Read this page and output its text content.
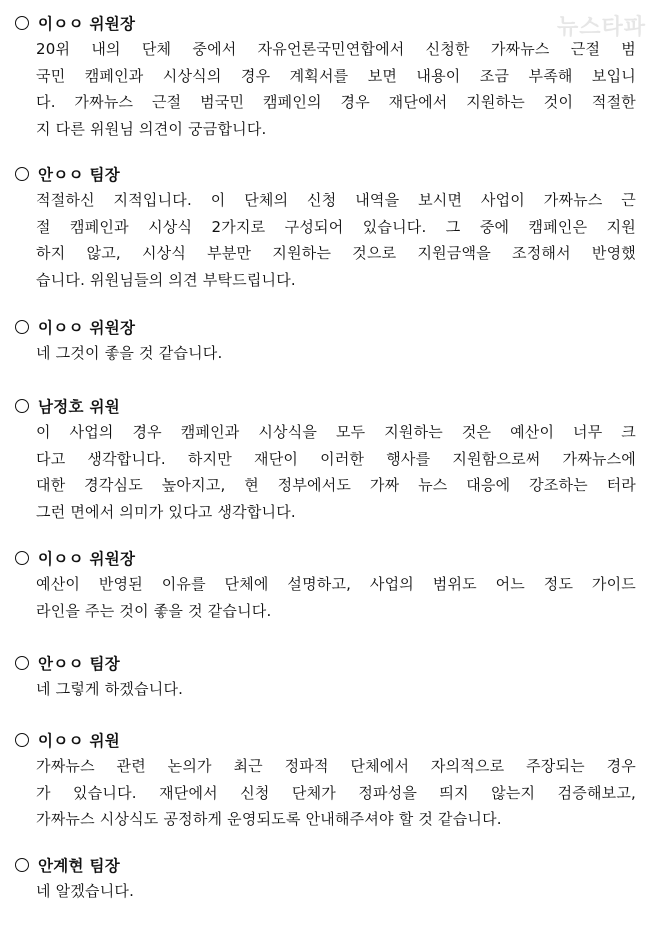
뉴스타파
이ㅇㅇ 위원장
20위 내의 단체 중에서 자유언론국민연합에서 신청한 가짜뉴스 근절 범
국민 캠페인과 시상식의 경우 계획서를 보면 내용이 조금 부족해 보입니
다. 가짜뉴스 근절 범국민 캠페인의 경우 재단에서 지원하는 것이 적절한
지 다른 위원님 의견이 궁금합니다.
안ㅇㅇ 팀장
적절하신 지적입니다. 이 단체의 신청 내역을 보시면 사업이 가짜뉴스 근
절 캠페인과 시상식 2가지로 구성되어 있습니다. 그 중에 캠페인은 지원
하지 않고, 시상식 부분만 지원하는 것으로 지원금액을 조정해서 반영했
습니다. 위원님들의 의견 부탁드립니다.
이ㅇㅇ 위원장
네 그것이 좋을 것 같습니다.
남정호 위원
이 사업의 경우 캠페인과 시상식을 모두 지원하는 것은 예산이 너무 크
다고 생각합니다. 하지만 재단이 이러한 행사를 지원함으로써 가짜뉴스에
대한 경각심도 높아지고, 현 정부에서도 가짜 뉴스 대응에 강조하는 터라
그런 면에서 의미가 있다고 생각합니다.
이ㅇㅇ 위원장
예산이 반영된 이유를 단체에 설명하고, 사업의 범위도 어느 정도 가이드
라인을 주는 것이 좋을 것 같습니다.
안ㅇㅇ 팀장
네 그렇게 하겠습니다.
이ㅇㅇ 위원
가짜뉴스 관련 논의가 최근 정파적 단체에서 자의적으로 주장되는 경우
가 있습니다. 재단에서 신청 단체가 정파성을 띄지 않는지 검증해보고,
가짜뉴스 시상식도 공정하게 운영되도록 안내해주셔야 할 것 같습니다.
안계현 팀장
네 알겠습니다.
